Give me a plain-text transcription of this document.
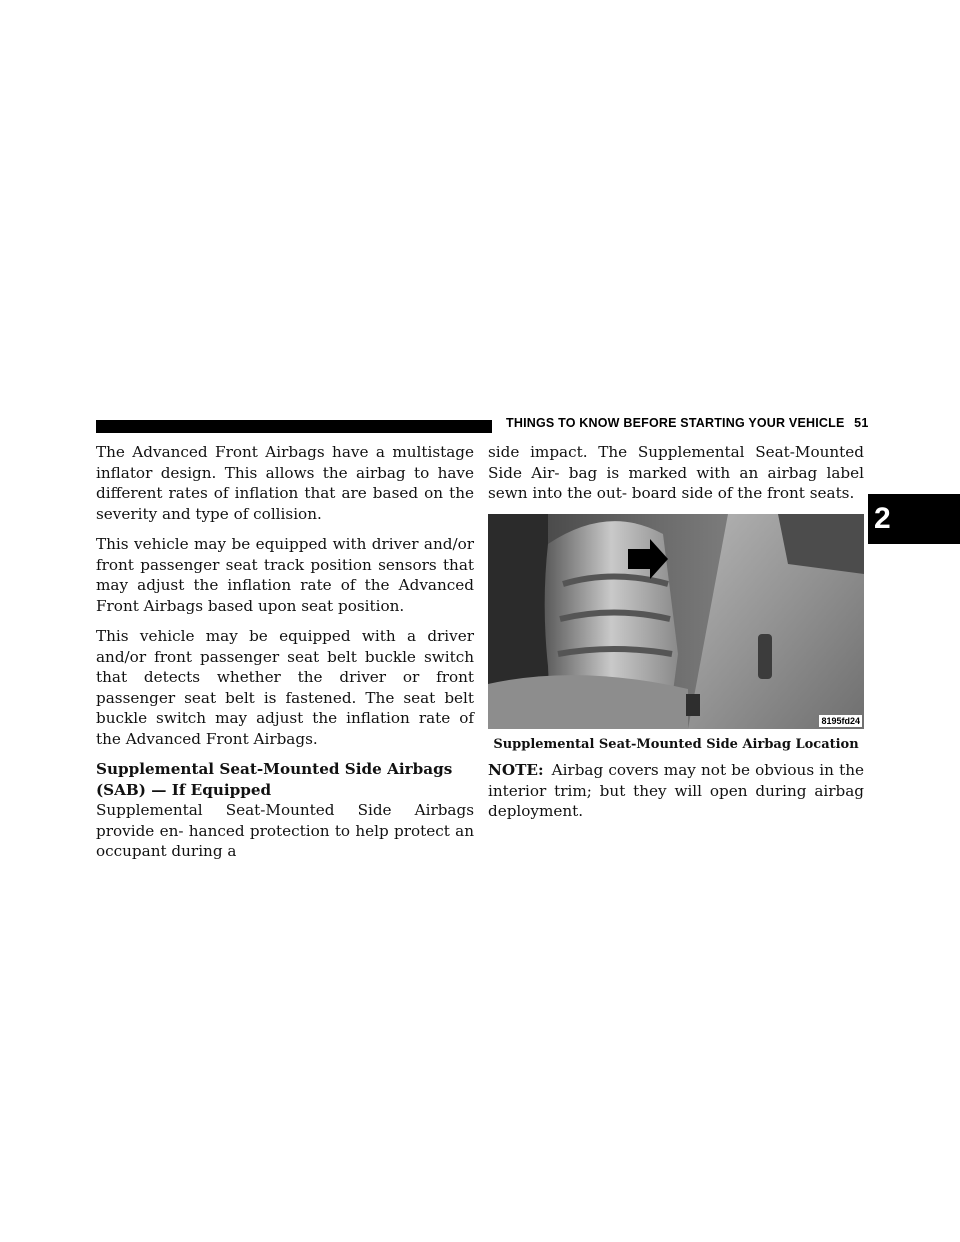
THINGS TO KNOW BEFORE STARTING YOUR VEHICLE 51
2

The Advanced Front Airbags have a multistage inflator design. This allows the airbag to have different rates of inflation that are based on the severity and type of collision.

This vehicle may be equipped with driver and/or front passenger seat track position sensors that may adjust the inflation rate of the Advanced Front Airbags based upon seat position.

This vehicle may be equipped with a driver and/or front passenger seat belt buckle switch that detects whether the driver or front passenger seat belt is fastened. The seat belt buckle switch may adjust the inflation rate of the Advanced Front Airbags.

Supplemental Seat-Mounted Side Airbags (SAB) — If Equipped

Supplemental Seat-Mounted Side Airbags provide en- hanced protection to help protect an occupant during a

side impact. The Supplemental Seat-Mounted Side Air- bag is marked with an airbag label sewn into the out- board side of the front seats.

8195fd24
Supplemental Seat-Mounted Side Airbag Location

NOTE: Airbag covers may not be obvious in the interior trim; but they will open during airbag deployment.
